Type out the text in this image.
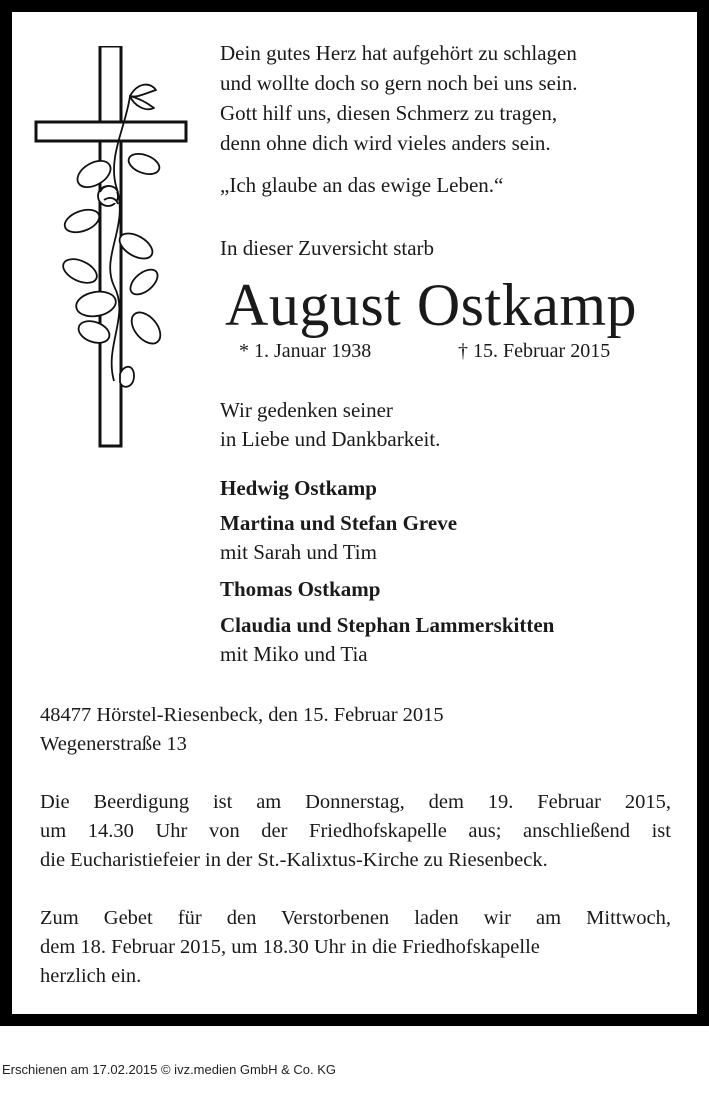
Dein gutes Herz hat aufgehört zu schlagen
und wollte doch so gern noch bei uns sein.
Gott hilf uns, diesen Schmerz zu tragen,
denn ohne dich wird vieles anders sein.
„Ich glaube an das ewige Leben.“
In dieser Zuversicht starb
August Ostkamp
* 1. Januar 1938	† 15. Februar 2015
Wir gedenken seiner
in Liebe und Dankbarkeit.
Hedwig Ostkamp
Martina und Stefan Greve
mit Sarah und Tim
Thomas Ostkamp
Claudia und Stephan Lammerskitten
mit Miko und Tia
48477 Hörstel-Riesenbeck, den 15. Februar 2015
Wegenerstraße 13
Die Beerdigung ist am Donnerstag, dem 19. Februar 2015,
um 14.30 Uhr von der Friedhofskapelle aus; anschließend ist
die Eucharistiefeier in der St.-Kalixtus-Kirche zu Riesenbeck.
Zum Gebet für den Verstorbenen laden wir am Mittwoch,
dem 18. Februar 2015, um 18.30 Uhr in die Friedhofskapelle
herzlich ein.
Erschienen am 17.02.2015 © ivz.medien GmbH & Co. KG
